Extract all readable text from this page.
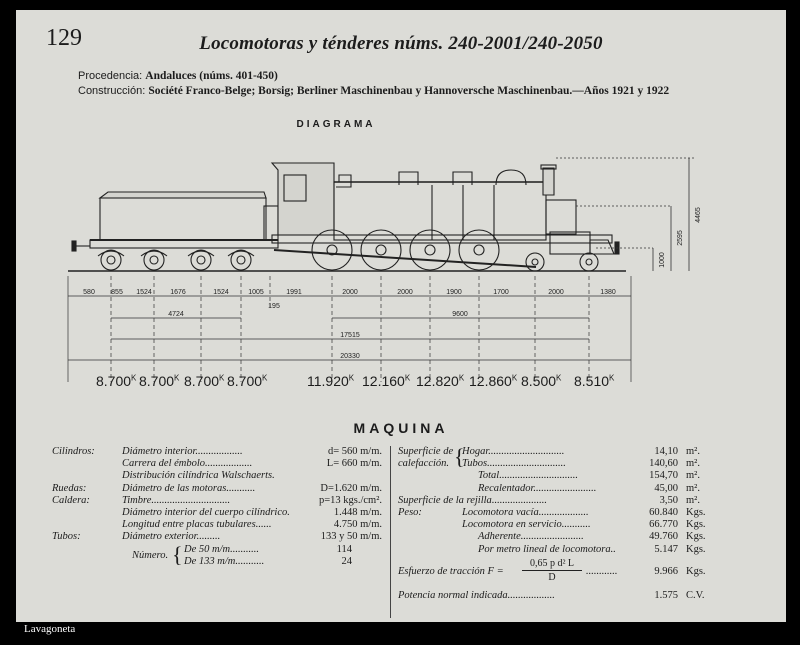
129	Locomotoras y ténderes núms. 240-2001/240-2050
Procedencia: Andaluces (núms. 401-450)
Construcción: Société Franco-Belge; Borsig; Berliner Maschinenbau y Hannoversche Maschinenbau.—Años 1921 y 1922
DIAGRAMA
4465
2595
1000
580 855 1524	1676	1524	1005	1991	2000	2000	1900	1700	2000	1380
195
4724	9600
17515
20330
$8.700^K$ $8.700^K$ $8.700^K$ $8.700^K$	$11.920^K$ $12.160^K$ $12.820^K$ $12.860^K$ $8.500^K$ $8.510^K$
MAQUINA
Cilindros:	Diámetro interior..................	d= 560 m/m.
Carrera del émbolo..................	L= 660 m/m.
Distribución cilíndrica Walschaerts.
Ruedas:	Diámetro de las motoras...........	D=1.620 m/m.
Caldera:	Timbre..............................	p=13 kgs./cm².
Diámetro interior del cuerpo cilíndrico.	1.448 m/m.
Longitud entre placas tubulares......	4.750 m/m.
Tubos:	Diámetro exterior.........	133 y 50 m/m.
Número. { De 50 m/m...........	114
De 133 m/m...........	24
Superficie de
calefacción. {
Hogar.............................	14,10 m².
Tubos..............................	140,60 m².
Total..............................	154,70 m².
Recalentador........................	45,00 m².
Superficie de la rejilla.....................	3,50 m².
Peso:	Locomotora vacía...................	60.840 Kgs.
Locomotora en servicio...........	66.770 Kgs.
Adherente........................	49.760 Kgs.
Por metro lineal de locomotora..	5.147 Kgs.
Esfuerzo de tracción F =
0,65 p d² L
D
............	9.966 Kgs.
Potencia normal indicada..................	1.575 C.V.
Lavagoneta
